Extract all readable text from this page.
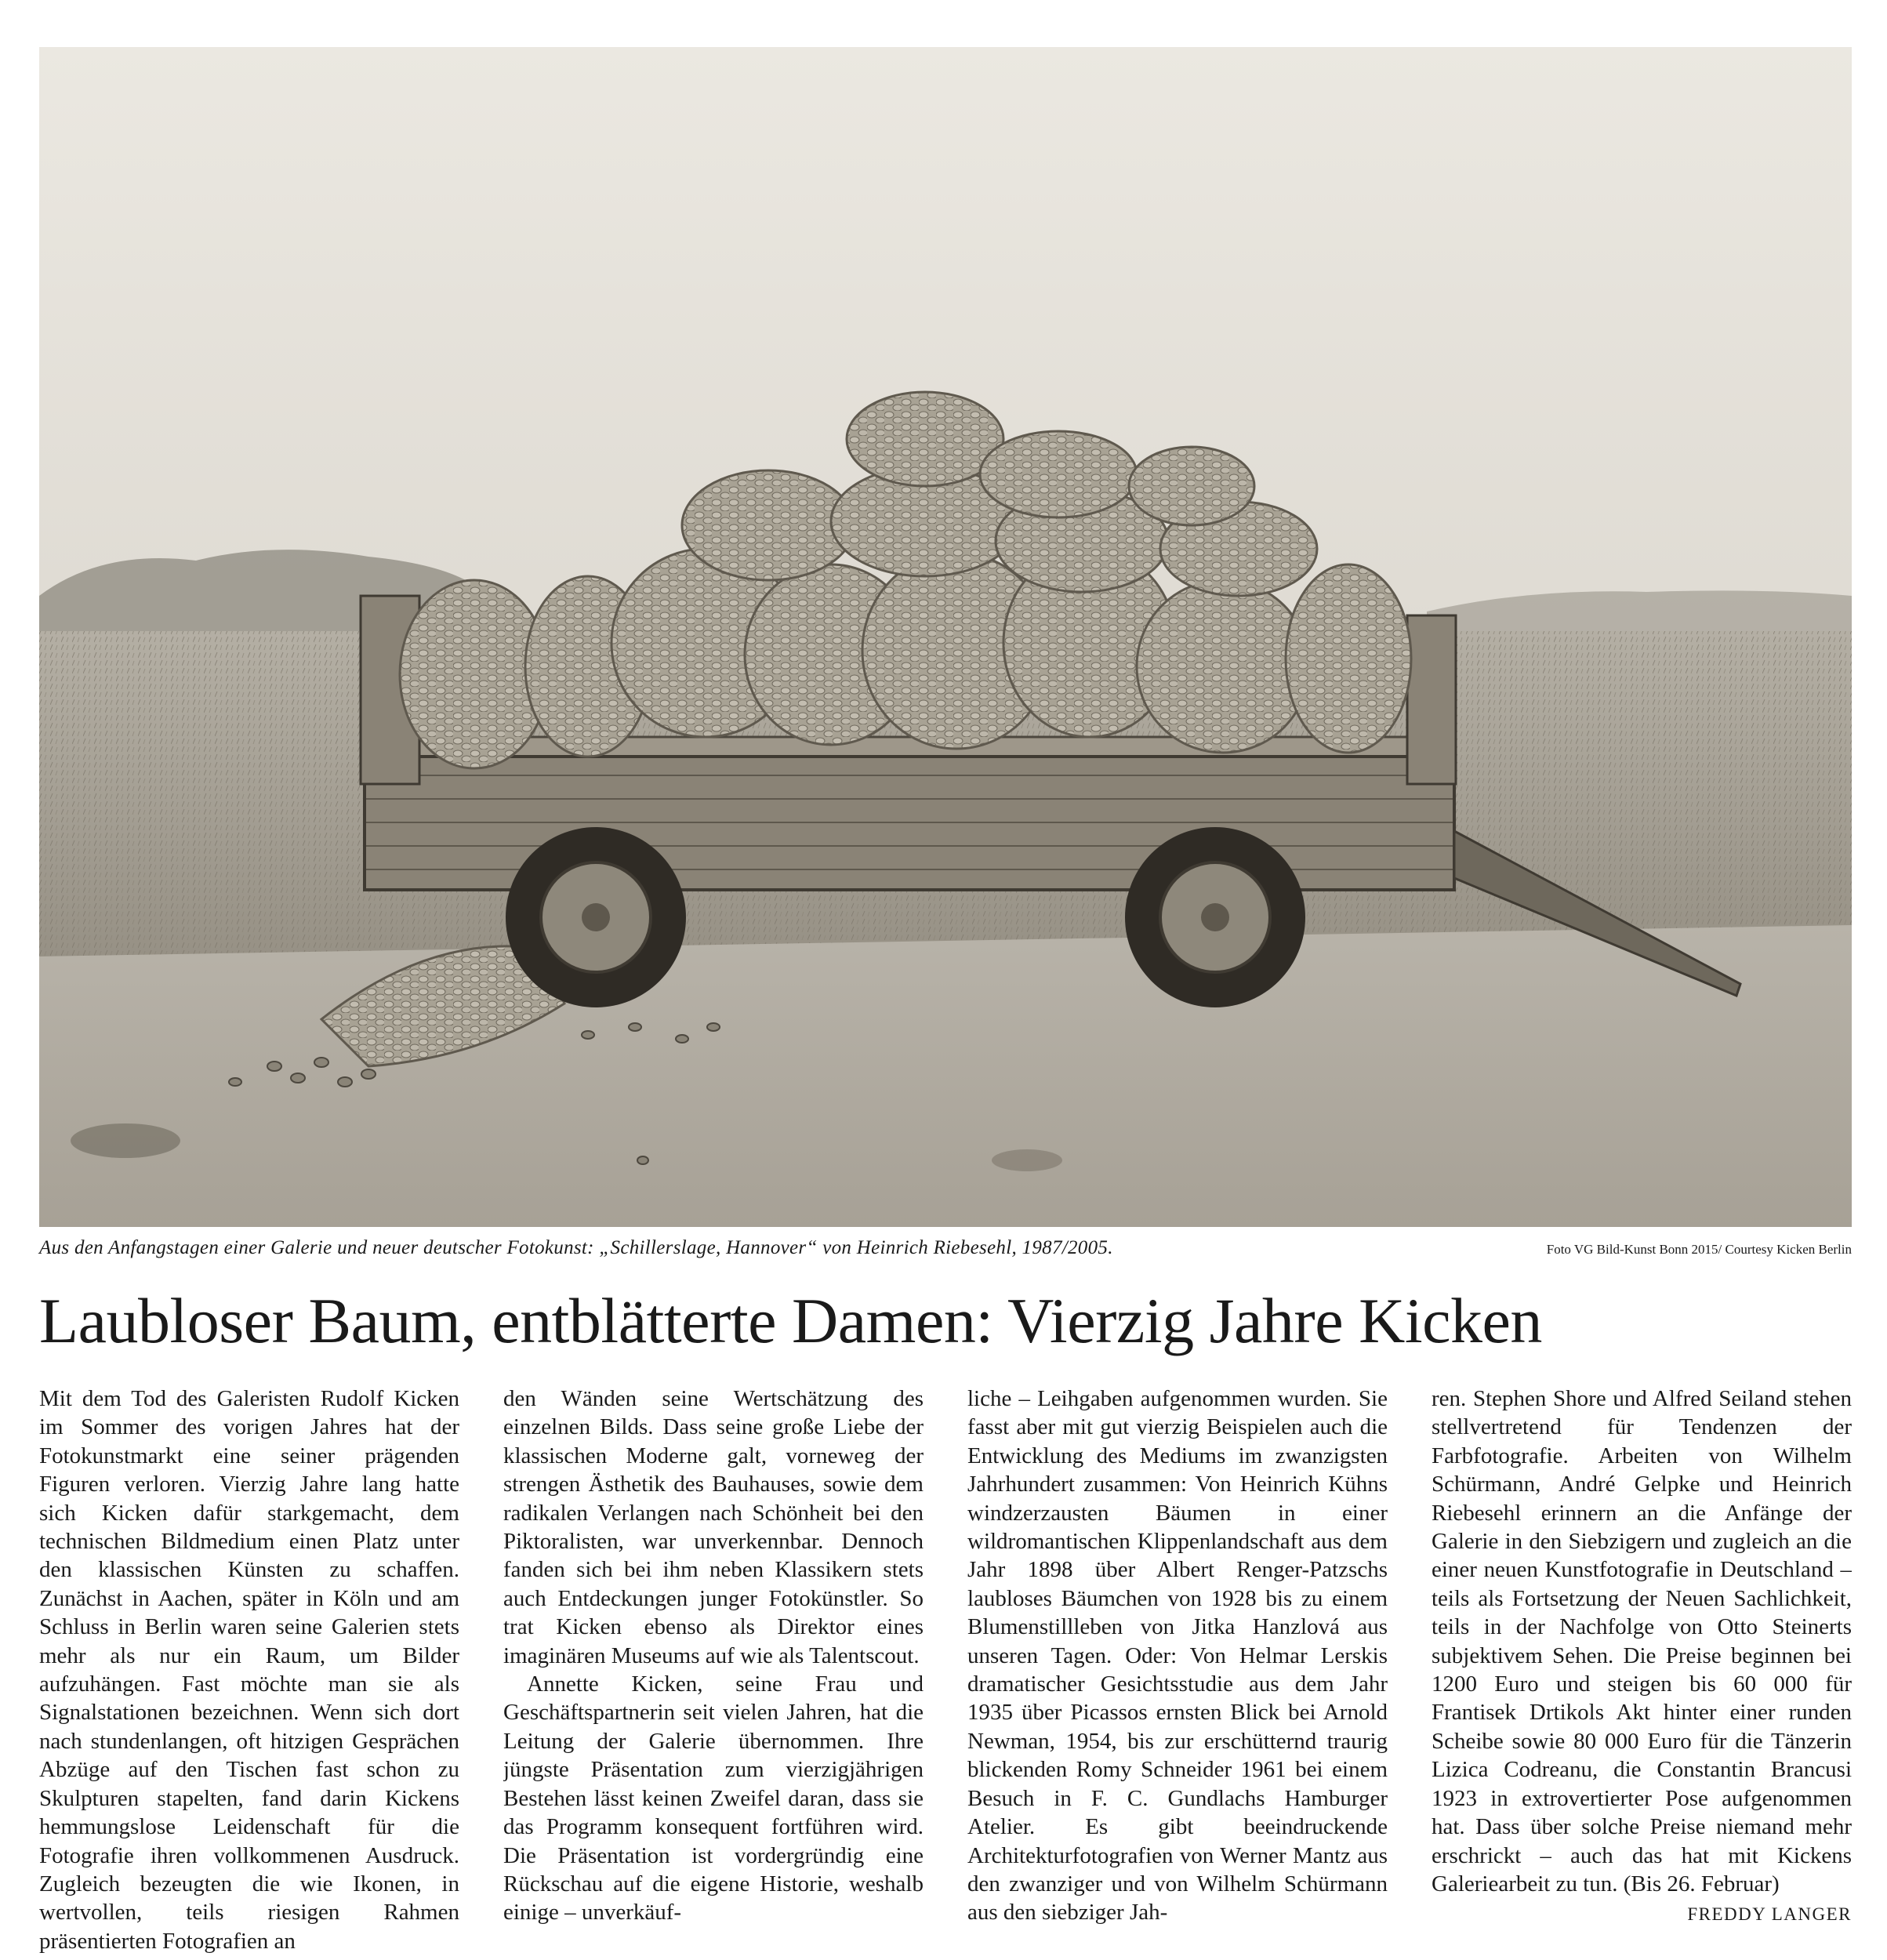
Aus den Anfangstagen einer Galerie und neuer deutscher Fotokunst: „Schillerslage, Hannover“ von Heinrich Riebesehl, 1987/2005.	Foto VG Bild-Kunst Bonn 2015/ Courtesy Kicken Berlin
Laubloser Baum, entblätterte Damen: Vierzig Jahre Kicken

Mit dem Tod des Galeristen Rudolf Kicken im Sommer des vorigen Jahres hat der Fotokunstmarkt eine seiner prägenden Figuren verloren. Vierzig Jahre lang hatte sich Kicken dafür starkgemacht, dem technischen Bildmedium einen Platz unter den klassischen Künsten zu schaffen. Zunächst in Aachen, später in Köln und am Schluss in Berlin waren seine Galerien stets mehr als nur ein Raum, um Bilder aufzuhängen. Fast möchte man sie als Signalstationen bezeichnen. Wenn sich dort nach stundenlangen, oft hitzigen Gesprächen Abzüge auf den Tischen fast schon zu Skulpturen stapelten, fand darin Kickens hemmungslose Leidenschaft für die Fotografie ihren vollkommenen Ausdruck. Zugleich bezeugten die wie Ikonen, in wertvollen, teils riesigen Rahmen präsentierten Fotografien an

den Wänden seine Wertschätzung des einzelnen Bilds. Dass seine große Liebe der klassischen Moderne galt, vorneweg der strengen Ästhetik des Bauhauses, sowie dem radikalen Verlangen nach Schönheit bei den Piktoralisten, war unverkennbar. Dennoch fanden sich bei ihm neben Klassikern stets auch Entdeckungen junger Fotokünstler. So trat Kicken ebenso als Direktor eines imaginären Museums auf wie als Talentscout.

Annette Kicken, seine Frau und Geschäftspartnerin seit vielen Jahren, hat die Leitung der Galerie übernommen. Ihre jüngste Präsentation zum vierzigjährigen Bestehen lässt keinen Zweifel daran, dass sie das Programm konsequent fortführen wird. Die Präsentation ist vordergründig eine Rückschau auf die eigene Historie, weshalb einige – unverkäuf-

liche – Leihgaben aufgenommen wurden. Sie fasst aber mit gut vierzig Beispielen auch die Entwicklung des Mediums im zwanzigsten Jahrhundert zusammen: Von Heinrich Kühns windzerzausten Bäumen in einer wildromantischen Klippenlandschaft aus dem Jahr 1898 über Albert Renger-Patzschs laubloses Bäumchen von 1928 bis zu einem Blumenstillleben von Jitka Hanzlová aus unseren Tagen. Oder: Von Helmar Lerskis dramatischer Gesichtsstudie aus dem Jahr 1935 über Picassos ernsten Blick bei Arnold Newman, 1954, bis zur erschütternd traurig blickenden Romy Schneider 1961 bei einem Besuch in F. C. Gundlachs Hamburger Atelier. Es gibt beeindruckende Architekturfotografien von Werner Mantz aus den zwanziger und von Wilhelm Schürmann aus den siebziger Jah-

ren. Stephen Shore und Alfred Seiland stehen stellvertretend für Tendenzen der Farbfotografie. Arbeiten von Wilhelm Schürmann, André Gelpke und Heinrich Riebesehl erinnern an die Anfänge der Galerie in den Siebzigern und zugleich an die einer neuen Kunstfotografie in Deutschland – teils als Fortsetzung der Neuen Sachlichkeit, teils in der Nachfolge von Otto Steinerts subjektivem Sehen. Die Preise beginnen bei 1200 Euro und steigen bis 60 000 für Frantisek Drtikols Akt hinter einer runden Scheibe sowie 80 000 Euro für die Tänzerin Lizica Codreanu, die Constantin Brancusi 1923 in extrovertierter Pose aufgenommen hat. Dass über solche Preise niemand mehr erschrickt – auch das hat mit Kickens Galeriearbeit zu tun. (Bis 26. Februar)
FREDDY LANGER
